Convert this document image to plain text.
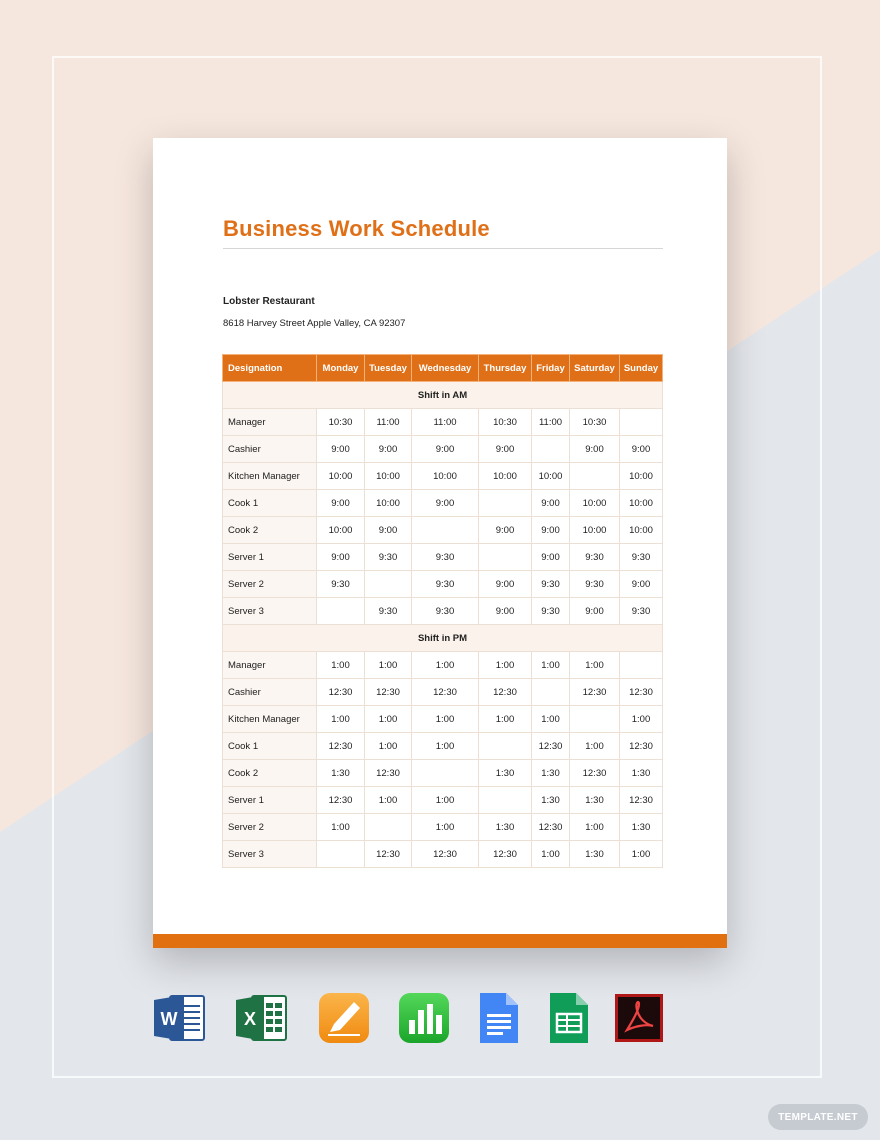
Business Work Schedule
Lobster Restaurant
8618 Harvey Street Apple Valley, CA 92307
Designation	Monday	Tuesday	Wednesday	Thursday	Friday	Saturday	Sunday
Shift in AM							
Manager	10:30	11:00	11:00	10:30	11:00	10:30	
Cashier	9:00	9:00	9:00	9:00		9:00	9:00
Kitchen Manager	10:00	10:00	10:00	10:00	10:00		10:00
Cook 1	9:00	10:00	9:00		9:00	10:00	10:00
Cook 2	10:00	9:00		9:00	9:00	10:00	10:00
Server 1	9:00	9:30	9:30		9:00	9:30	9:30
Server 2	9:30		9:30	9:00	9:30	9:30	9:00
Server 3		9:30	9:30	9:00	9:30	9:00	9:30
Shift in PM							
Manager	1:00	1:00	1:00	1:00	1:00	1:00	
Cashier	12:30	12:30	12:30	12:30		12:30	12:30
Kitchen Manager	1:00	1:00	1:00	1:00	1:00		1:00
Cook 1	12:30	1:00	1:00		12:30	1:00	12:30
Cook 2	1:30	12:30		1:30	1:30	12:30	1:30
Server 1	12:30	1:00	1:00		1:30	1:30	12:30
Server 2	1:00		1:00	1:30	12:30	1:00	1:30
Server 3		12:30	12:30	12:30	1:00	1:30	1:00
W	X
TEMPLATE.NET
